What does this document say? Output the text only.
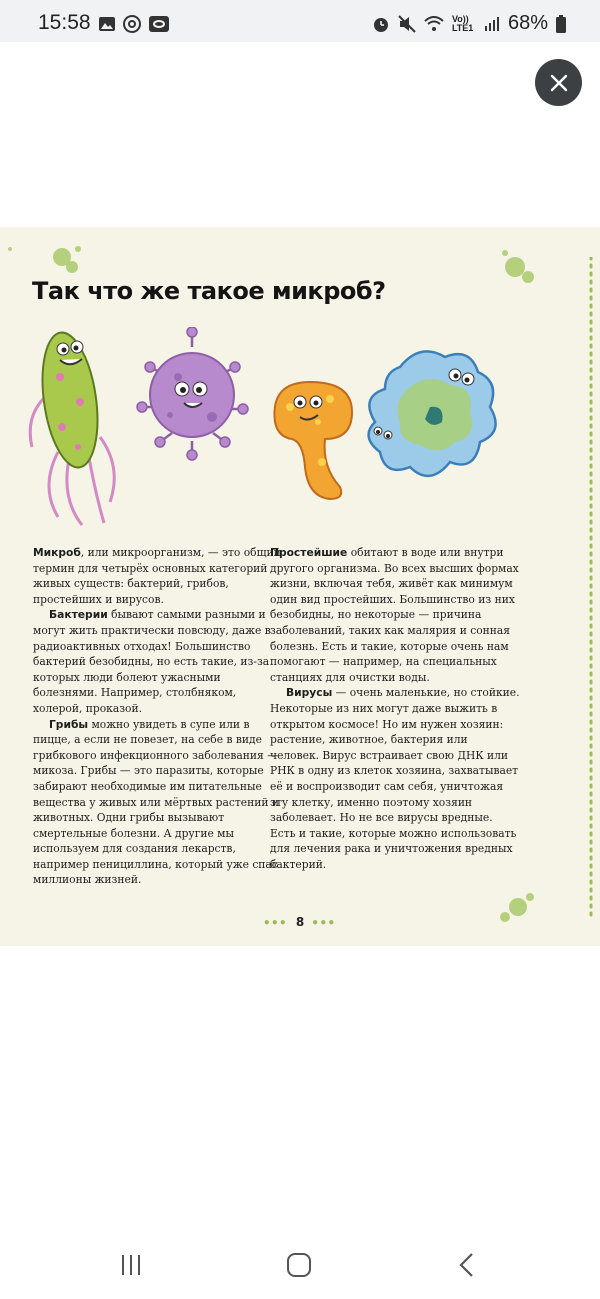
15:58	Vo)) LTE1 68%
Так что же такое микроб?

Микроб, или микроорганизм, — это общий термин для четырёх основных категорий живых существ: бактерий, грибов, простейших и вирусов.

Бактерии бывают самыми разными и могут жить практически повсюду, даже в радиоактивных отходах! Большинство бактерий безобидны, но есть такие, из-за которых люди болеют ужасными болезнями. Например, столбняком, холерой, проказой.

Грибы можно увидеть в супе или в пицце, а если не повезет, на себе в виде грибкового инфекционного заболевания — микоза. Грибы — это паразиты, которые забирают необходимые им питательные вещества у живых или мёртвых растений и животных. Одни грибы вызывают смертельные болезни. А другие мы используем для создания лекарств, например пенициллина, который уже спас миллионы жизней.

Простейшие обитают в воде или внутри другого организма. Во всех высших формах жизни, включая тебя, живёт как минимум один вид простейших. Большинство из них безобидны, но некоторые — причина заболеваний, таких как малярия и сонная болезнь. Есть и такие, которые очень нам помогают — например, на специальных станциях для очистки воды.

Вирусы — очень маленькие, но стойкие. Некоторые из них могут даже выжить в открытом космосе! Но им нужен хозяин: растение, животное, бактерия или человек. Вирус встраивает свою ДНК или РНК в одну из клеток хозяина, захватывает её и воспроизводит сам себя, уничтожая эту клетку, именно поэтому хозяин заболевает. Но не все вирусы вредные. Есть и такие, которые можно использовать для лечения рака и уничтожения вредных бактерий.

●●● 8 ●●●
